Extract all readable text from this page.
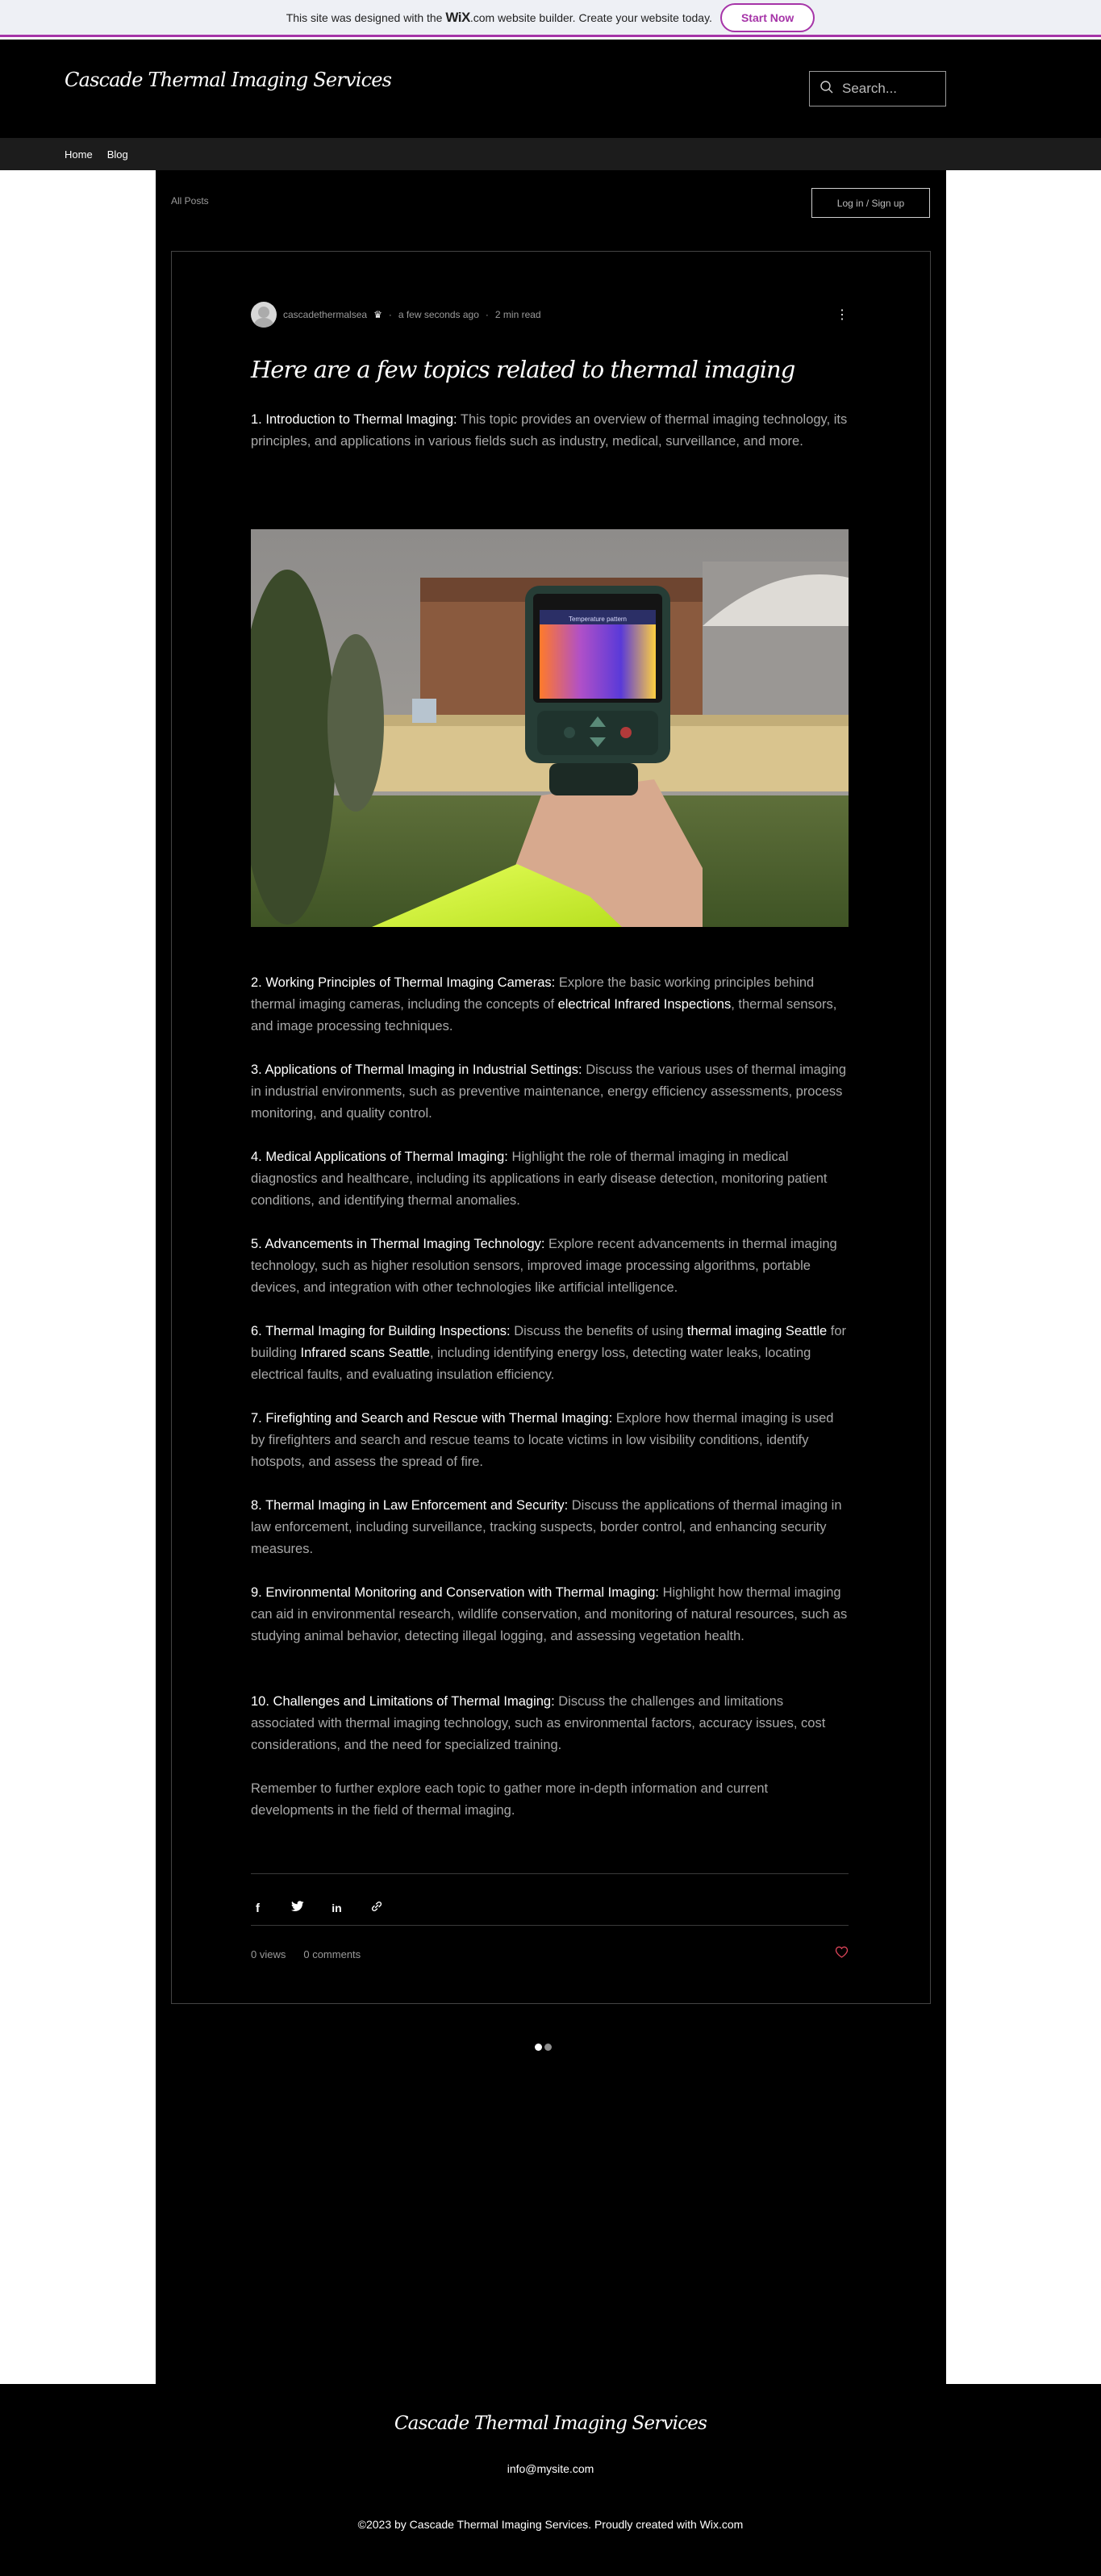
This site was designed with the WiX.com website builder. Create your website today.	Start Now
Cascade Thermal Imaging Services
Search...
Home Blog
All Posts	Log in / Sign up
cascadethermalsea ♛ · a few seconds ago · 2 min read	⋮
Here are a few topics related to thermal imaging

1. Introduction to Thermal Imaging: This topic provides an overview of thermal imaging technology, its principles, and applications in various fields such as industry, medical, surveillance, and more.

Temperature pattern

2. Working Principles of Thermal Imaging Cameras: Explore the basic working principles behind thermal imaging cameras, including the concepts of electrical Infrared Inspections, thermal sensors, and image processing techniques.

3. Applications of Thermal Imaging in Industrial Settings: Discuss the various uses of thermal imaging in industrial environments, such as preventive maintenance, energy efficiency assessments, process monitoring, and quality control.

4. Medical Applications of Thermal Imaging: Highlight the role of thermal imaging in medical diagnostics and healthcare, including its applications in early disease detection, monitoring patient conditions, and identifying thermal anomalies.

5. Advancements in Thermal Imaging Technology: Explore recent advancements in thermal imaging technology, such as higher resolution sensors, improved image processing algorithms, portable devices, and integration with other technologies like artificial intelligence.

6. Thermal Imaging for Building Inspections: Discuss the benefits of using thermal imaging Seattle for building Infrared scans Seattle, including identifying energy loss, detecting water leaks, locating electrical faults, and evaluating insulation efficiency.

7. Firefighting and Search and Rescue with Thermal Imaging: Explore how thermal imaging is used by firefighters and search and rescue teams to locate victims in low visibility conditions, identify hotspots, and assess the spread of fire.

8. Thermal Imaging in Law Enforcement and Security: Discuss the applications of thermal imaging in law enforcement, including surveillance, tracking suspects, border control, and enhancing security measures.

9. Environmental Monitoring and Conservation with Thermal Imaging: Highlight how thermal imaging can aid in environmental research, wildlife conservation, and monitoring of natural resources, such as studying animal behavior, detecting illegal logging, and assessing vegetation health.

10. Challenges and Limitations of Thermal Imaging: Discuss the challenges and limitations associated with thermal imaging technology, such as environmental factors, accuracy issues, cost considerations, and the need for specialized training.

Remember to further explore each topic to gather more in-depth information and current developments in the field of thermal imaging.

f	in
0 views 0 comments
Cascade Thermal Imaging Services
info@mysite.com
©2023 by Cascade Thermal Imaging Services. Proudly created with Wix.com
